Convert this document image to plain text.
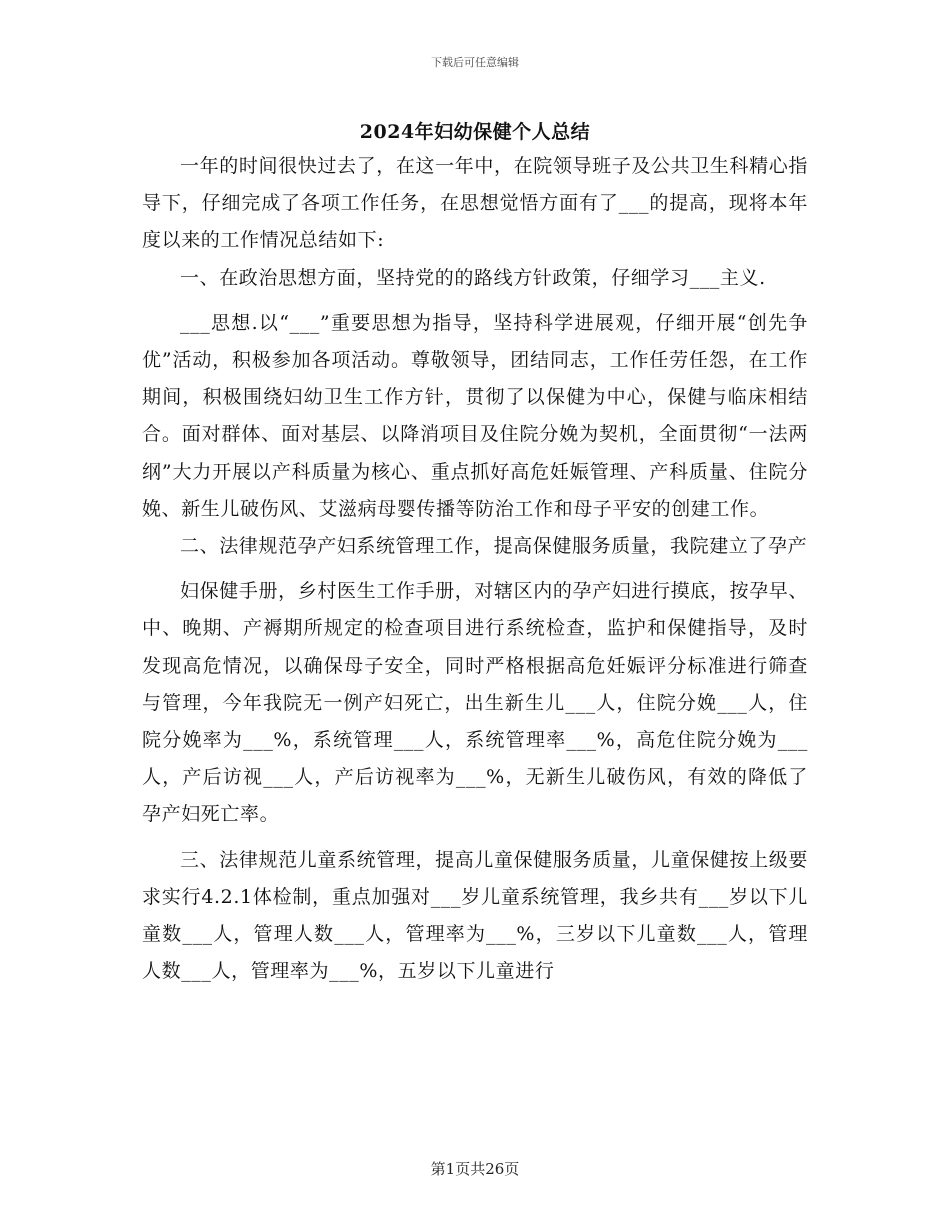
下载后可任意编辑
2024年妇幼保健个人总结

一年的时间很快过去了，在这一年中，在院领导班子及公共卫生科精心指导下，仔细完成了各项工作任务，在思想觉悟方面有了___的提高，现将本年度以来的工作情况总结如下:

一、在政治思想方面，坚持党的的路线方针政策，仔细学习___主义.

___思想.以“___”重要思想为指导，坚持科学进展观，仔细开展“创先争优”活动，积极参加各项活动。尊敬领导，团结同志，工作任劳任怨，在工作期间，积极围绕妇幼卫生工作方针，贯彻了以保健为中心，保健与临床相结合。面对群体、面对基层、以降消项目及住院分娩为契机，全面贯彻“一法两纲”大力开展以产科质量为核心、重点抓好高危妊娠管理、产科质量、住院分娩、新生儿破伤风、艾滋病母婴传播等防治工作和母子平安的创建工作。

二、法律规范孕产妇系统管理工作，提高保健服务质量，我院建立了孕产

妇保健手册，乡村医生工作手册，对辖区内的孕产妇进行摸底，按孕早、中、晚期、产褥期所规定的检查项目进行系统检查，监护和保健指导，及时发现高危情况，以确保母子安全，同时严格根据高危妊娠评分标准进行筛查与管理，今年我院无一例产妇死亡，出生新生儿___人，住院分娩___人，住院分娩率为___%，系统管理___人，系统管理率___%，高危住院分娩为___人，产后访视___人，产后访视率为___%，无新生儿破伤风，有效的降低了孕产妇死亡率。

三、法律规范儿童系统管理，提高儿童保健服务质量，儿童保健按上级要求实行4.2.1体检制，重点加强对___岁儿童系统管理，我乡共有___岁以下儿童数___人，管理人数___人，管理率为___%，三岁以下儿童数___人，管理人数___人，管理率为___%，五岁以下儿童进行

第1页共26页
